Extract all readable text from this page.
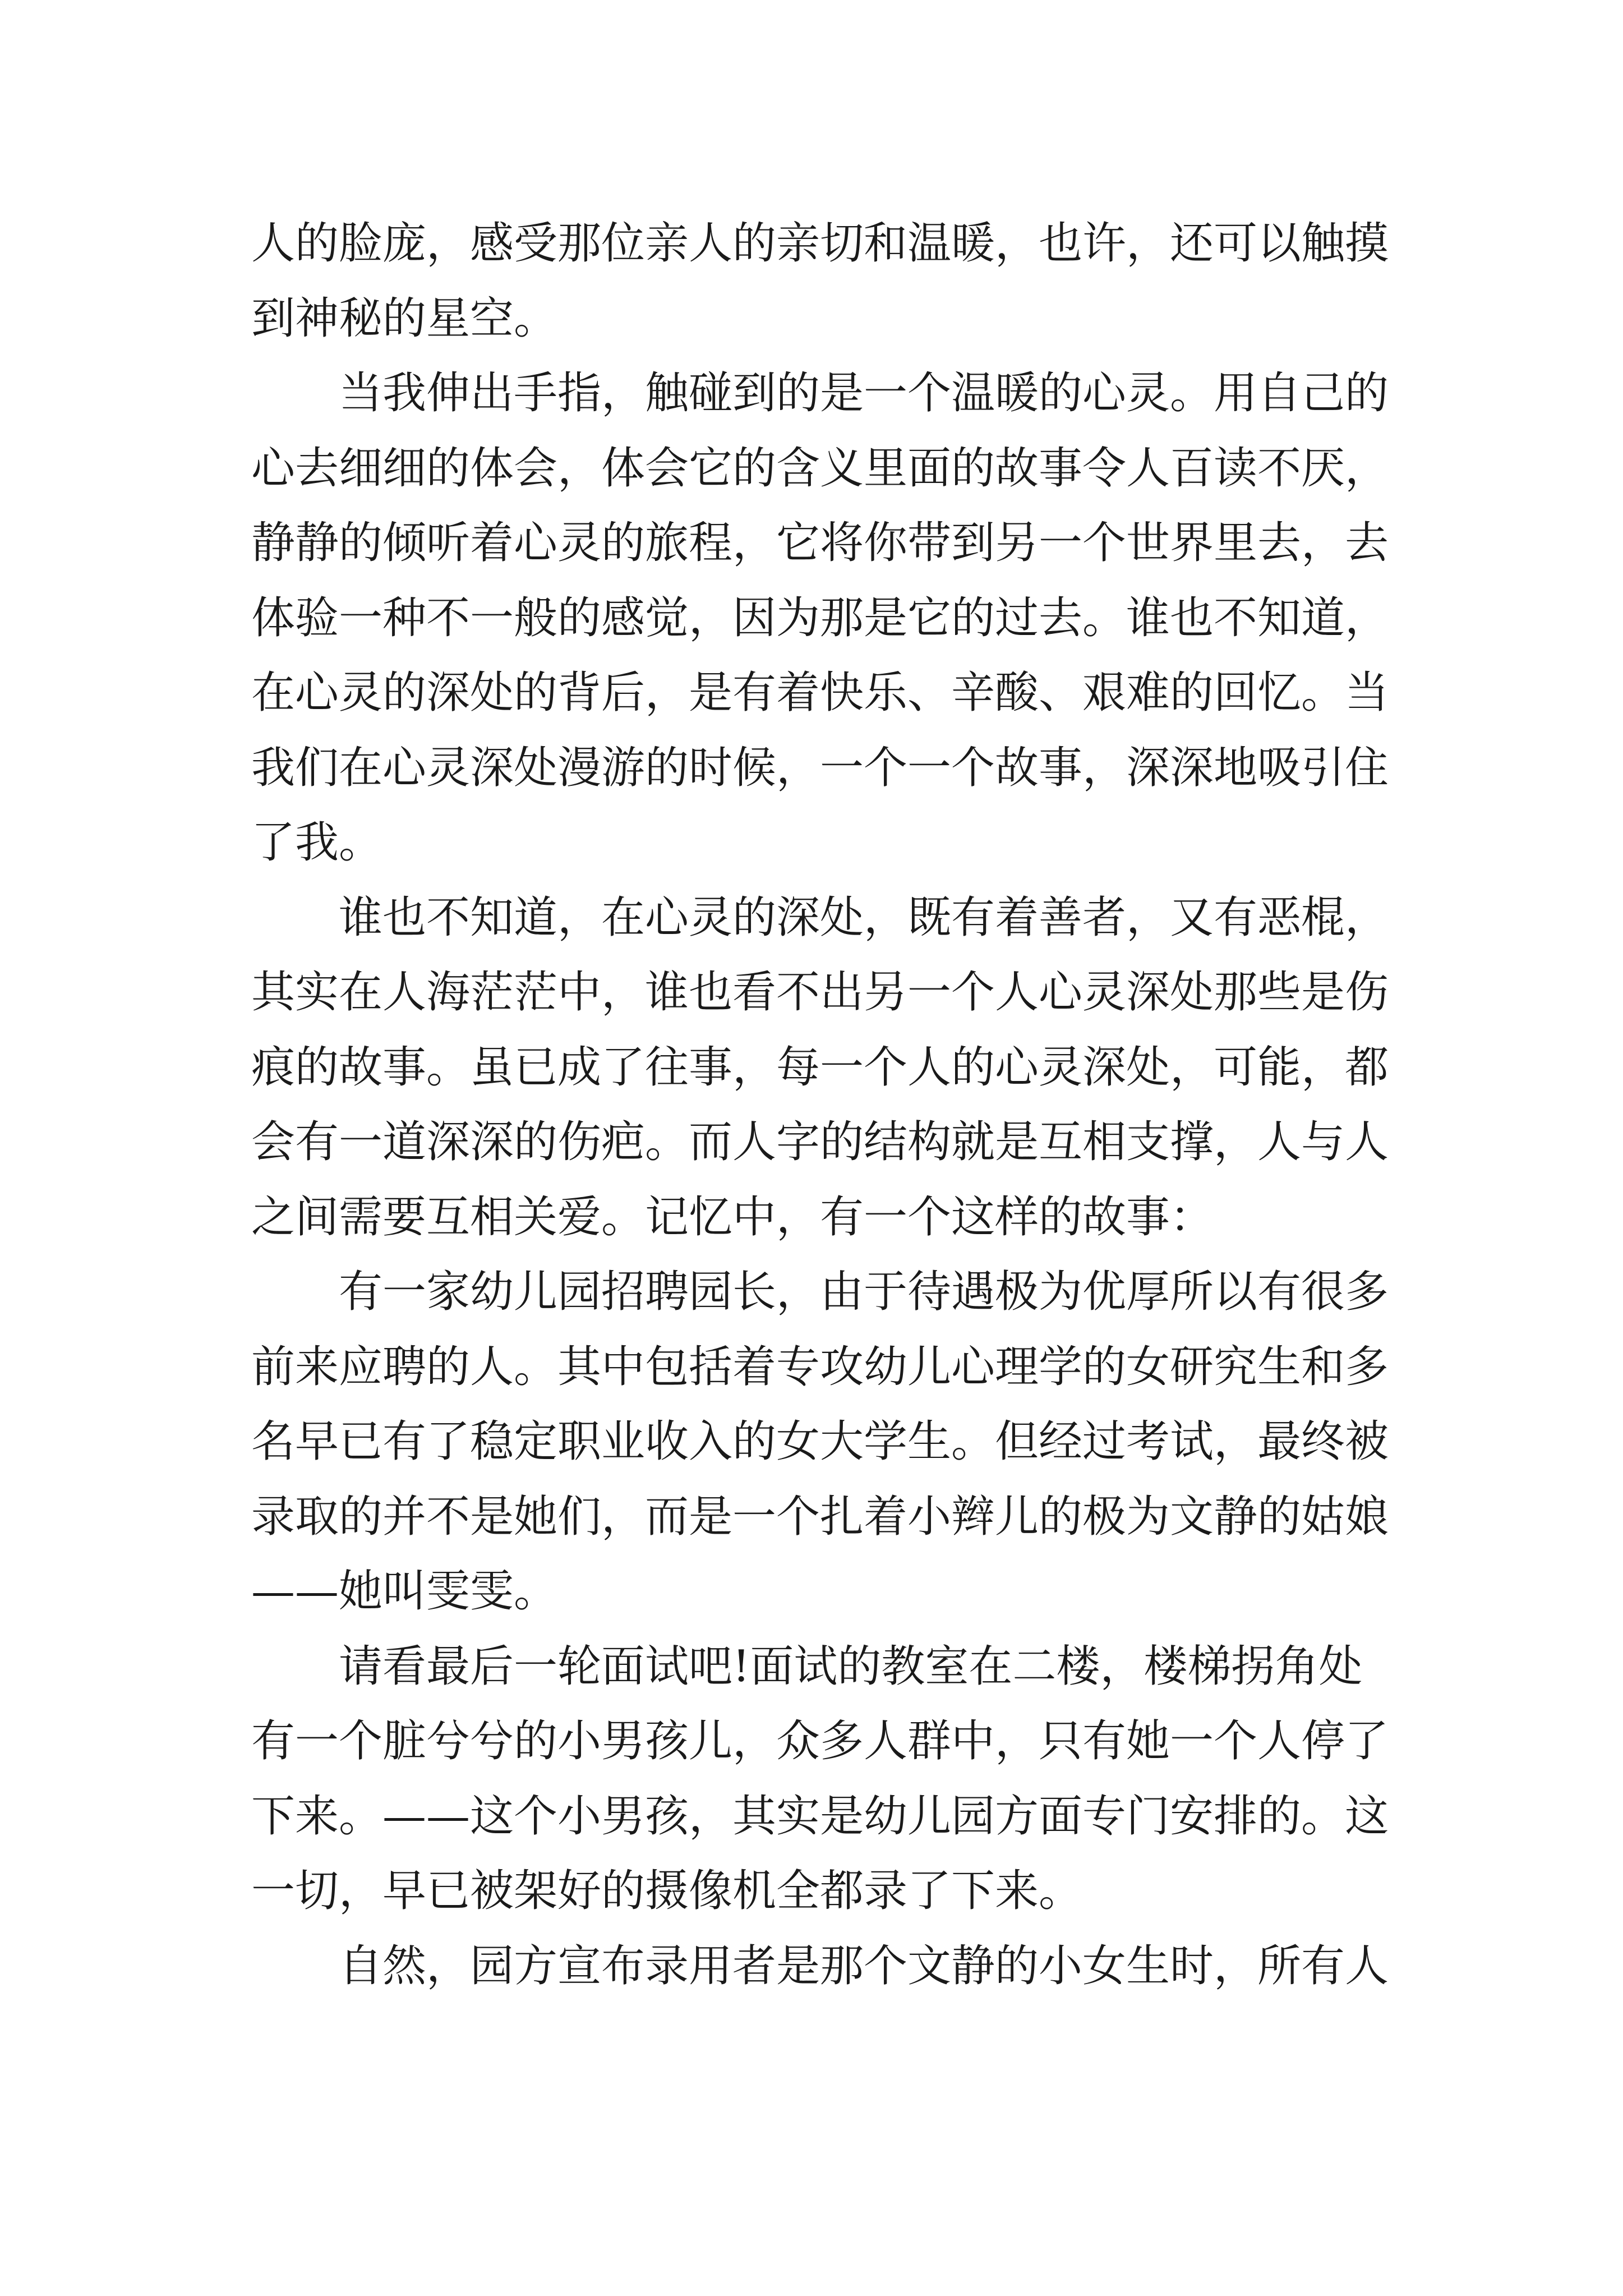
人的脸庞，感受那位亲人的亲切和温暖，也许，还可以触摸
到神秘的星空。
当我伸出手指，触碰到的是一个温暖的心灵。用自己的
心去细细的体会，体会它的含义里面的故事令人百读不厌，
静静的倾听着心灵的旅程，它将你带到另一个世界里去，去
体验一种不一般的感觉，因为那是它的过去。谁也不知道，
在心灵的深处的背后，是有着快乐、辛酸、艰难的回忆。当
我们在心灵深处漫游的时候，一个一个故事，深深地吸引住
了我。
谁也不知道，在心灵的深处，既有着善者，又有恶棍，
其实在人海茫茫中，谁也看不出另一个人心灵深处那些是伤
痕的故事。虽已成了往事，每一个人的心灵深处，可能，都
会有一道深深的伤疤。而人字的结构就是互相支撑，人与人
之间需要互相关爱。记忆中，有一个这样的故事：
有一家幼儿园招聘园长，由于待遇极为优厚所以有很多
前来应聘的人。其中包括着专攻幼儿心理学的女研究生和多
名早已有了稳定职业收入的女大学生。但经过考试，最终被
录取的并不是她们，而是一个扎着小辫儿的极为文静的姑娘
——她叫雯雯。
请看最后一轮面试吧!面试的教室在二楼，楼梯拐角处
有一个脏兮兮的小男孩儿，众多人群中，只有她一个人停了
下来。——这个小男孩，其实是幼儿园方面专门安排的。这
一切，早已被架好的摄像机全都录了下来。
自然，园方宣布录用者是那个文静的小女生时，所有人
